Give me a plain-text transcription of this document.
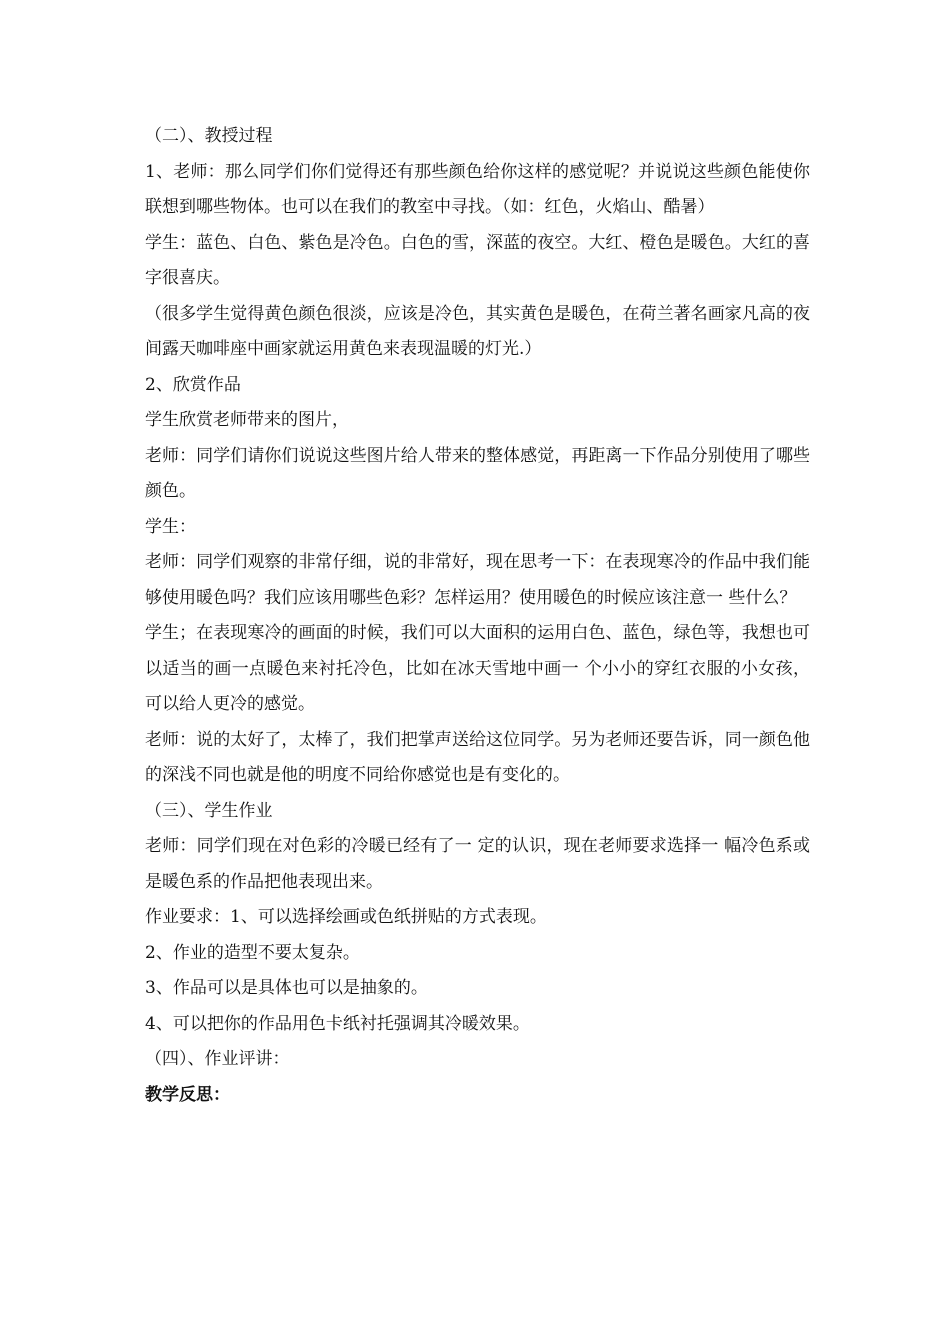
（二）、教授过程

1、老师：那么同学们你们觉得还有那些颜色给你这样的感觉呢？并说说这些颜色能使你联想到哪些物体。也可以在我们的教室中寻找。（如：红色，火焰山、酷暑）

学生：蓝色、白色、紫色是冷色。白色的雪，深蓝的夜空。大红、橙色是暖色。大红的喜字很喜庆。

（很多学生觉得黄色颜色很淡，应该是冷色，其实黄色是暖色，在荷兰著名画家凡高的夜间露天咖啡座中画家就运用黄色来表现温暖的灯光.）

2、欣赏作品

学生欣赏老师带来的图片，

老师：同学们请你们说说这些图片给人带来的整体感觉，再距离一下作品分别使用了哪些颜色。

学生：

老师：同学们观察的非常仔细，说的非常好，现在思考一下：在表现寒冷的作品中我们能够使用暖色吗？我们应该用哪些色彩？怎样运用？使用暖色的时候应该注意一 些什么？

学生；在表现寒冷的画面的时候，我们可以大面积的运用白色、蓝色，绿色等，我想也可以适当的画一点暖色来衬托冷色，比如在冰天雪地中画一 个小小的穿红衣服的小女孩，可以给人更冷的感觉。

老师：说的太好了，太棒了，我们把掌声送给这位同学。另为老师还要告诉，同一颜色他的深浅不同也就是他的明度不同给你感觉也是有变化的。

（三）、学生作业

老师：同学们现在对色彩的冷暖已经有了一 定的认识，现在老师要求选择一 幅冷色系或是暖色系的作品把他表现出来。

作业要求：1、可以选择绘画或色纸拼贴的方式表现。

2、作业的造型不要太复杂。

3、作品可以是具体也可以是抽象的。

4、可以把你的作品用色卡纸衬托强调其冷暖效果。

（四）、作业评讲：

教学反思：
